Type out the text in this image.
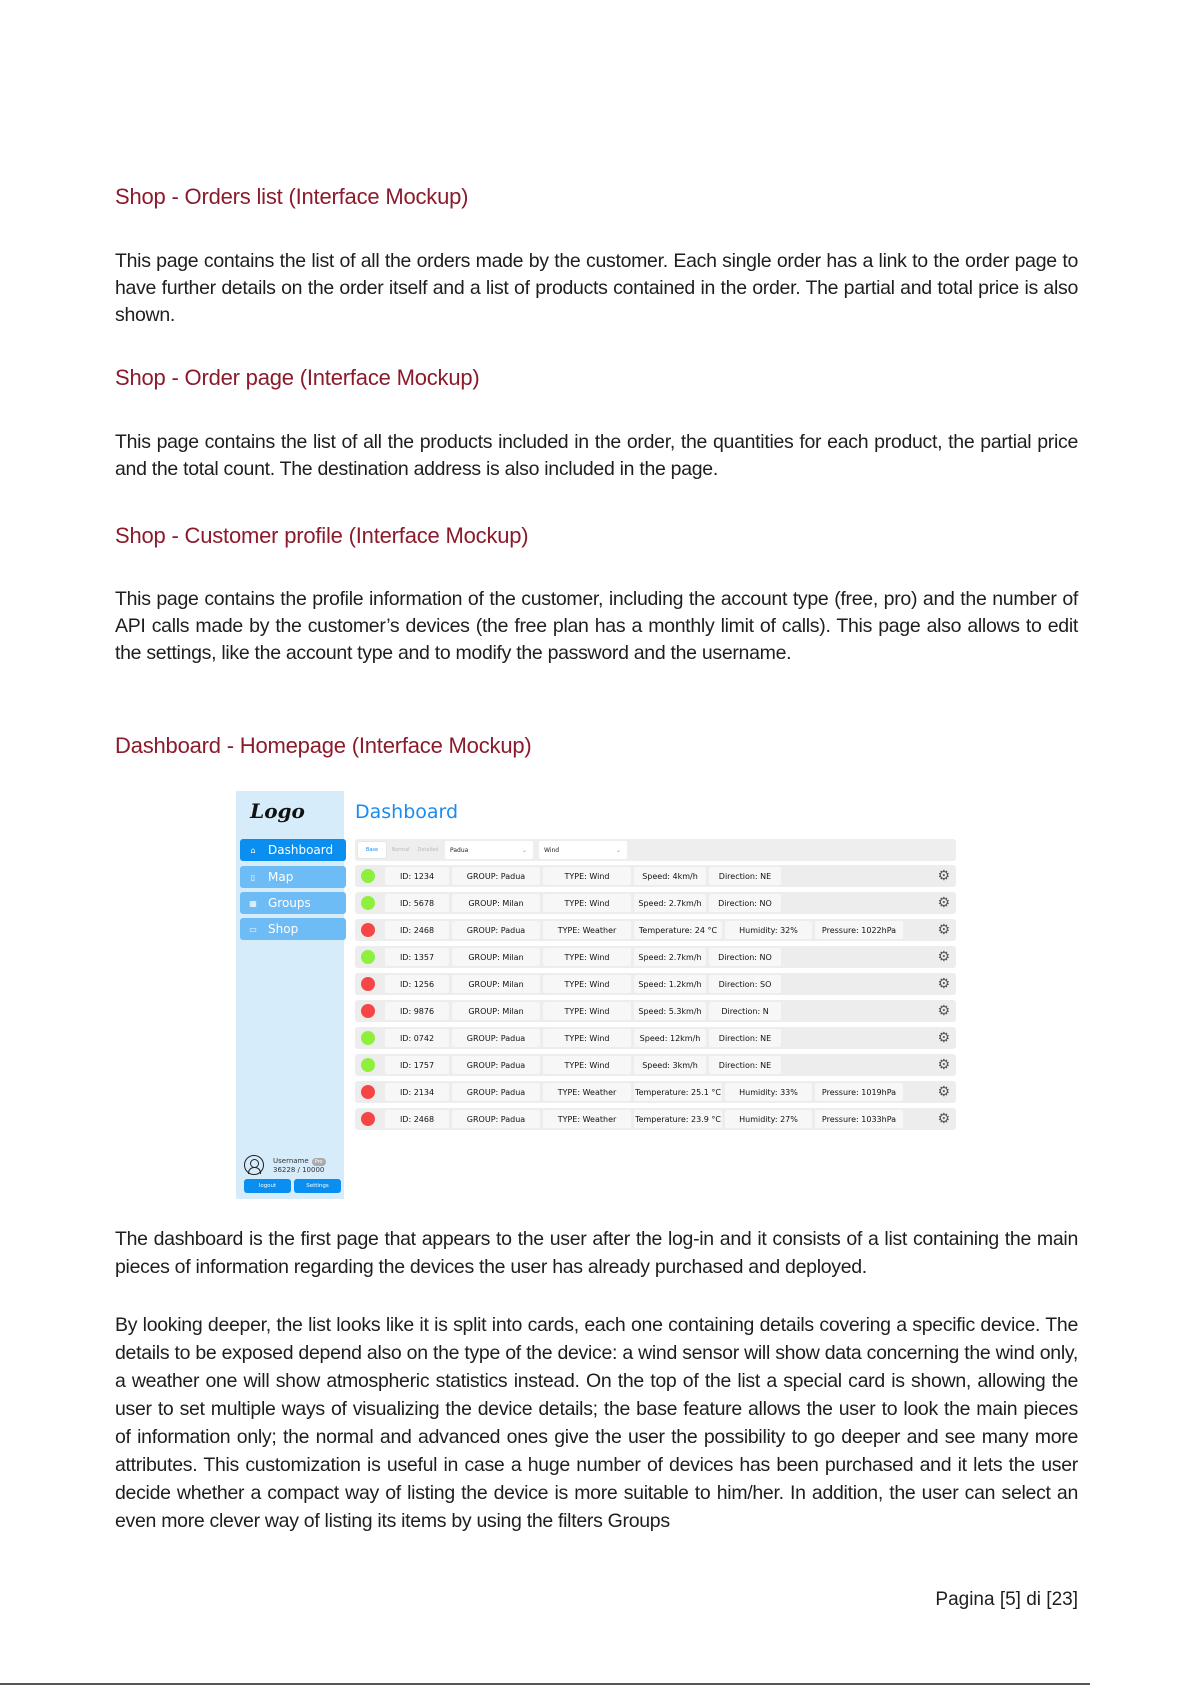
Shop - Orders list (Interface Mockup)

This page contains the list of all the orders made by the customer. Each single order has a link to the order page to have further details on the order itself and a list of products contained in the order. The partial and total price is also shown.

Shop - Order page (Interface Mockup)

This page contains the list of all the products included in the order, the quantities for each product, the partial price and the total count. The destination address is also included in the page.

Shop - Customer profile (Interface Mockup)

This page contains the profile information of the customer, including the account type (free, pro) and the number of API calls made by the customer’s devices (the free plan has a monthly limit of calls). This page also allows to edit the settings, like the account type and to modify the password and the username.

Dashboard - Homepage (Interface Mockup)
Logo
⌂ Dashboard
▯ Map
▦ Groups
▭ Shop
Username Pro
36228 / 10000
logout	Settings
Dashboard
Base	Normal	Detailed	Padua	⌄	Wind	⌄
ID: 1234	GROUP: Padua	TYPE: Wind	Speed: 4km/h	Direction: NE	⚙
ID: 5678	GROUP: Milan	TYPE: Wind	Speed: 2.7km/h	Direction: NO	⚙
ID: 2468	GROUP: Padua	TYPE: Weather	Temperature: 24 °C	Humidity: 32%	Pressure: 1022hPa	⚙
ID: 1357	GROUP: Milan	TYPE: Wind	Speed: 2.7km/h	Direction: NO	⚙
ID: 1256	GROUP: Milan	TYPE: Wind	Speed: 1.2km/h	Direction: SO	⚙
ID: 9876	GROUP: Milan	TYPE: Wind	Speed: 5.3km/h	Direction: N	⚙
ID: 0742	GROUP: Padua	TYPE: Wind	Speed: 12km/h	Direction: NE	⚙
ID: 1757	GROUP: Padua	TYPE: Wind	Speed: 3km/h	Direction: NE	⚙
ID: 2134	GROUP: Padua	TYPE: Weather	Temperature: 25.1 °C	Humidity: 33%	Pressure: 1019hPa	⚙
ID: 2468	GROUP: Padua	TYPE: Weather	Temperature: 23.9 °C	Humidity: 27%	Pressure: 1033hPa	⚙

The dashboard is the first page that appears to the user after the log-in and it consists of a list containing the main pieces of information regarding the devices the user has already purchased and deployed.

By looking deeper, the list looks like it is split into cards, each one containing details covering a specific device. The details to be exposed depend also on the type of the device: a wind sensor will show data concerning the wind only, a weather one will show atmospheric statistics instead. On the top of the list a special card is shown, allowing the user to set multiple ways of visualizing the device details; the base feature allows the user to look the main pieces of information only; the normal and advanced ones give the user the possibility to go deeper and see many more attributes. This customization is useful in case a huge number of devices has been purchased and it lets the user decide whether a compact way of listing the device is more suitable to him/her. In addition, the user can select an even more clever way of listing its items by using the filters Groups

Pagina [5] di [23]
